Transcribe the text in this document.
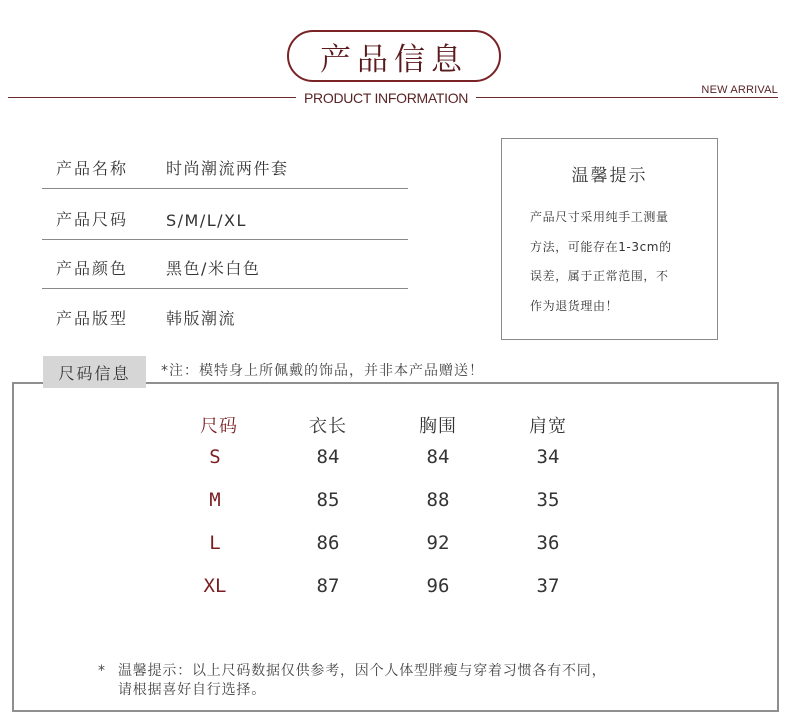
产品信息
PRODUCT INFORMATION	NEW ARRIVAL
产品名称 时尚潮流两件套
产品尺码 S/M/L/XL
产品颜色 黑色/米白色
产品版型 韩版潮流
温馨提示
产品尺寸采用纯手工测量
方法，可能存在1-3cm的
误差，属于正常范围，不
作为退货理由！
尺码信息	*注：模特身上所佩戴的饰品，并非本产品赠送！
尺码	衣长	胸围	肩宽
S	84	84	34
M	85	88	35
L	86	92	36
XL	87	96	37
* 温馨提示：以上尺码数据仅供参考，因个人体型胖瘦与穿着习惯各有不同，
请根据喜好自行选择。
